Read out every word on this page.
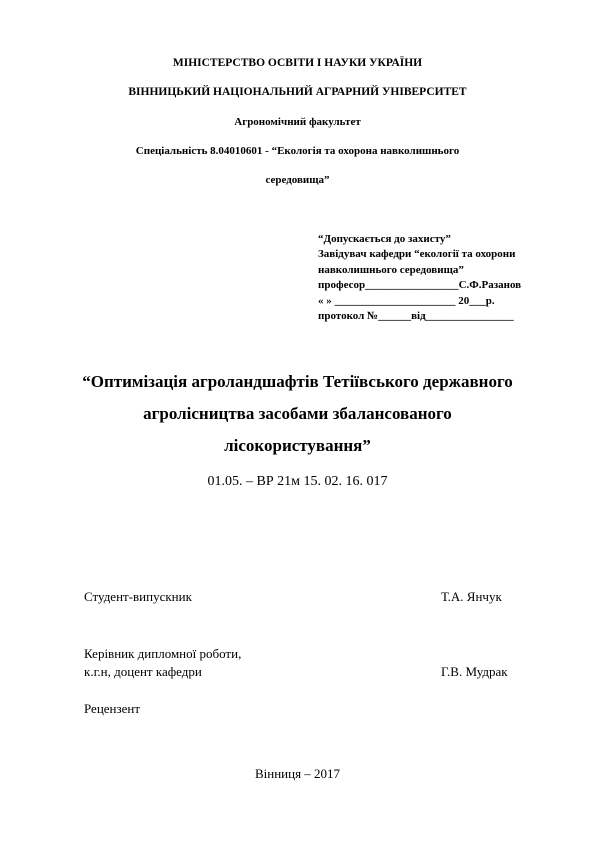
МІНІСТЕРСТВО ОСВІТИ І НАУКИ УКРАЇНИ
ВІННИЦЬКИЙ НАЦІОНАЛЬНИЙ АГРАРНИЙ УНІВЕРСИТЕТ
Агрономічний факультет
Спеціальність 8.04010601 - “Екологія та охорона навколишнього
середовища”
“Допускається до захисту”
Завідувач кафедри “екології та охорони
навколишнього середовища”
професор_________________С.Ф.Разанов
« » ______________________ 20___р.
протокол №______від________________
“Оптимізація агроландшафтів Тетіївського державного
агролісництва засобами збалансованого
лісокористування”
01.05. – ВР 21м 15. 02. 16. 017
Студент-випускник	Т.А. Янчук
Керівник дипломної роботи,
к.г.н, доцент кафедри	Г.В. Мудрак
Рецензент
Вінниця – 2017
